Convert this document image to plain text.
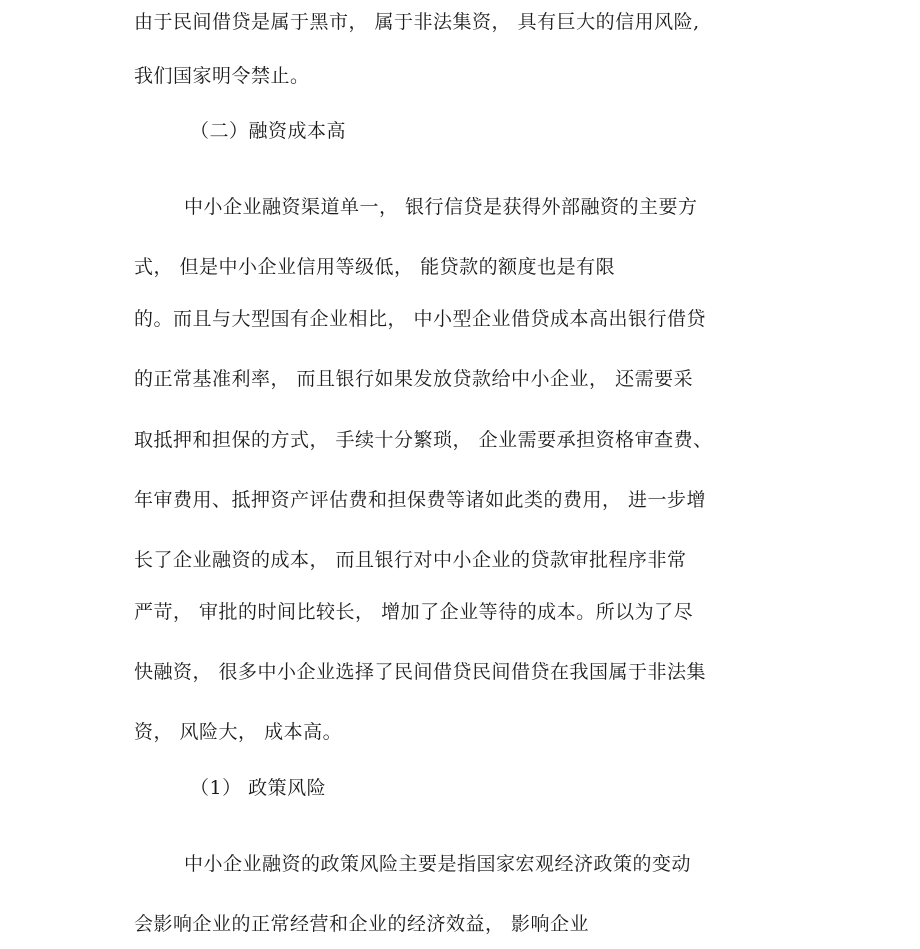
由于民间借贷是属于黑市， 属于非法集资， 具有巨大的信用风险,
我们国家明令禁止。
（二）融资成本高
中小企业融资渠道单一， 银行信贷是获得外部融资的主要方
式， 但是中小企业信用等级低， 能贷款的额度也是有限
的。而且与大型国有企业相比， 中小型企业借贷成本高出银行借贷
的正常基准利率， 而且银行如果发放贷款给中小企业， 还需要采
取抵押和担保的方式， 手续十分繁琐， 企业需要承担资格审查费、
年审费用、抵押资产评估费和担保费等诸如此类的费用， 进一步增
长了企业融资的成本， 而且银行对中小企业的贷款审批程序非常
严苛， 审批的时间比较长， 增加了企业等待的成本。所以为了尽
快融资， 很多中小企业选择了民间借贷民间借贷在我国属于非法集
资， 风险大， 成本高。
（1） 政策风险
中小企业融资的政策风险主要是指国家宏观经济政策的变动
会影响企业的正常经营和企业的经济效益， 影响企业
